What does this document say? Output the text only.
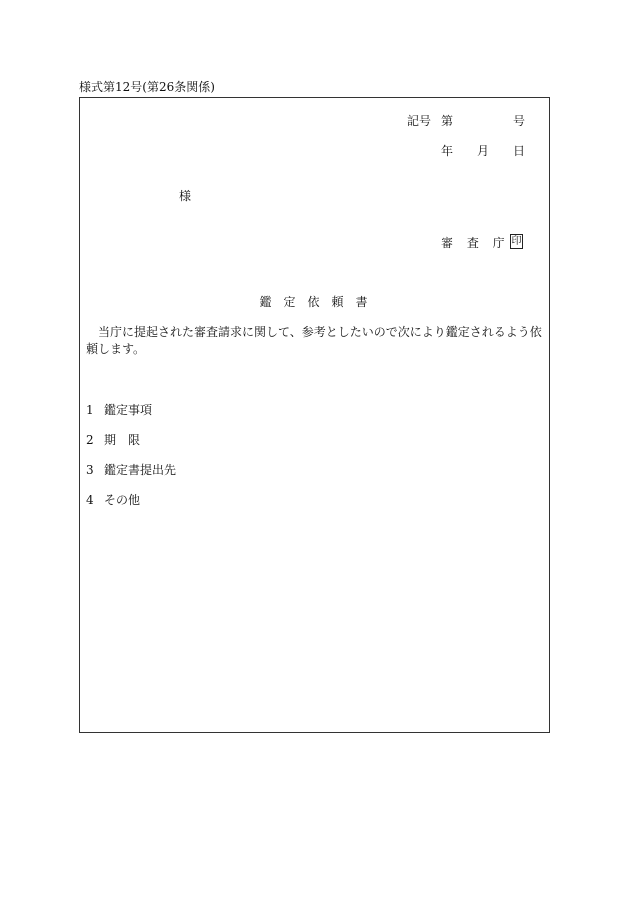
様式第12号(第26条関係)
記号 第	号
年 月 日
様
審 査 庁 印
鑑定依頼書
当庁に提起された審査請求に関して、参考としたいので次により鑑定されるよう依頼します。
1 鑑定事項
2 期　限
3 鑑定書提出先
4 その他
